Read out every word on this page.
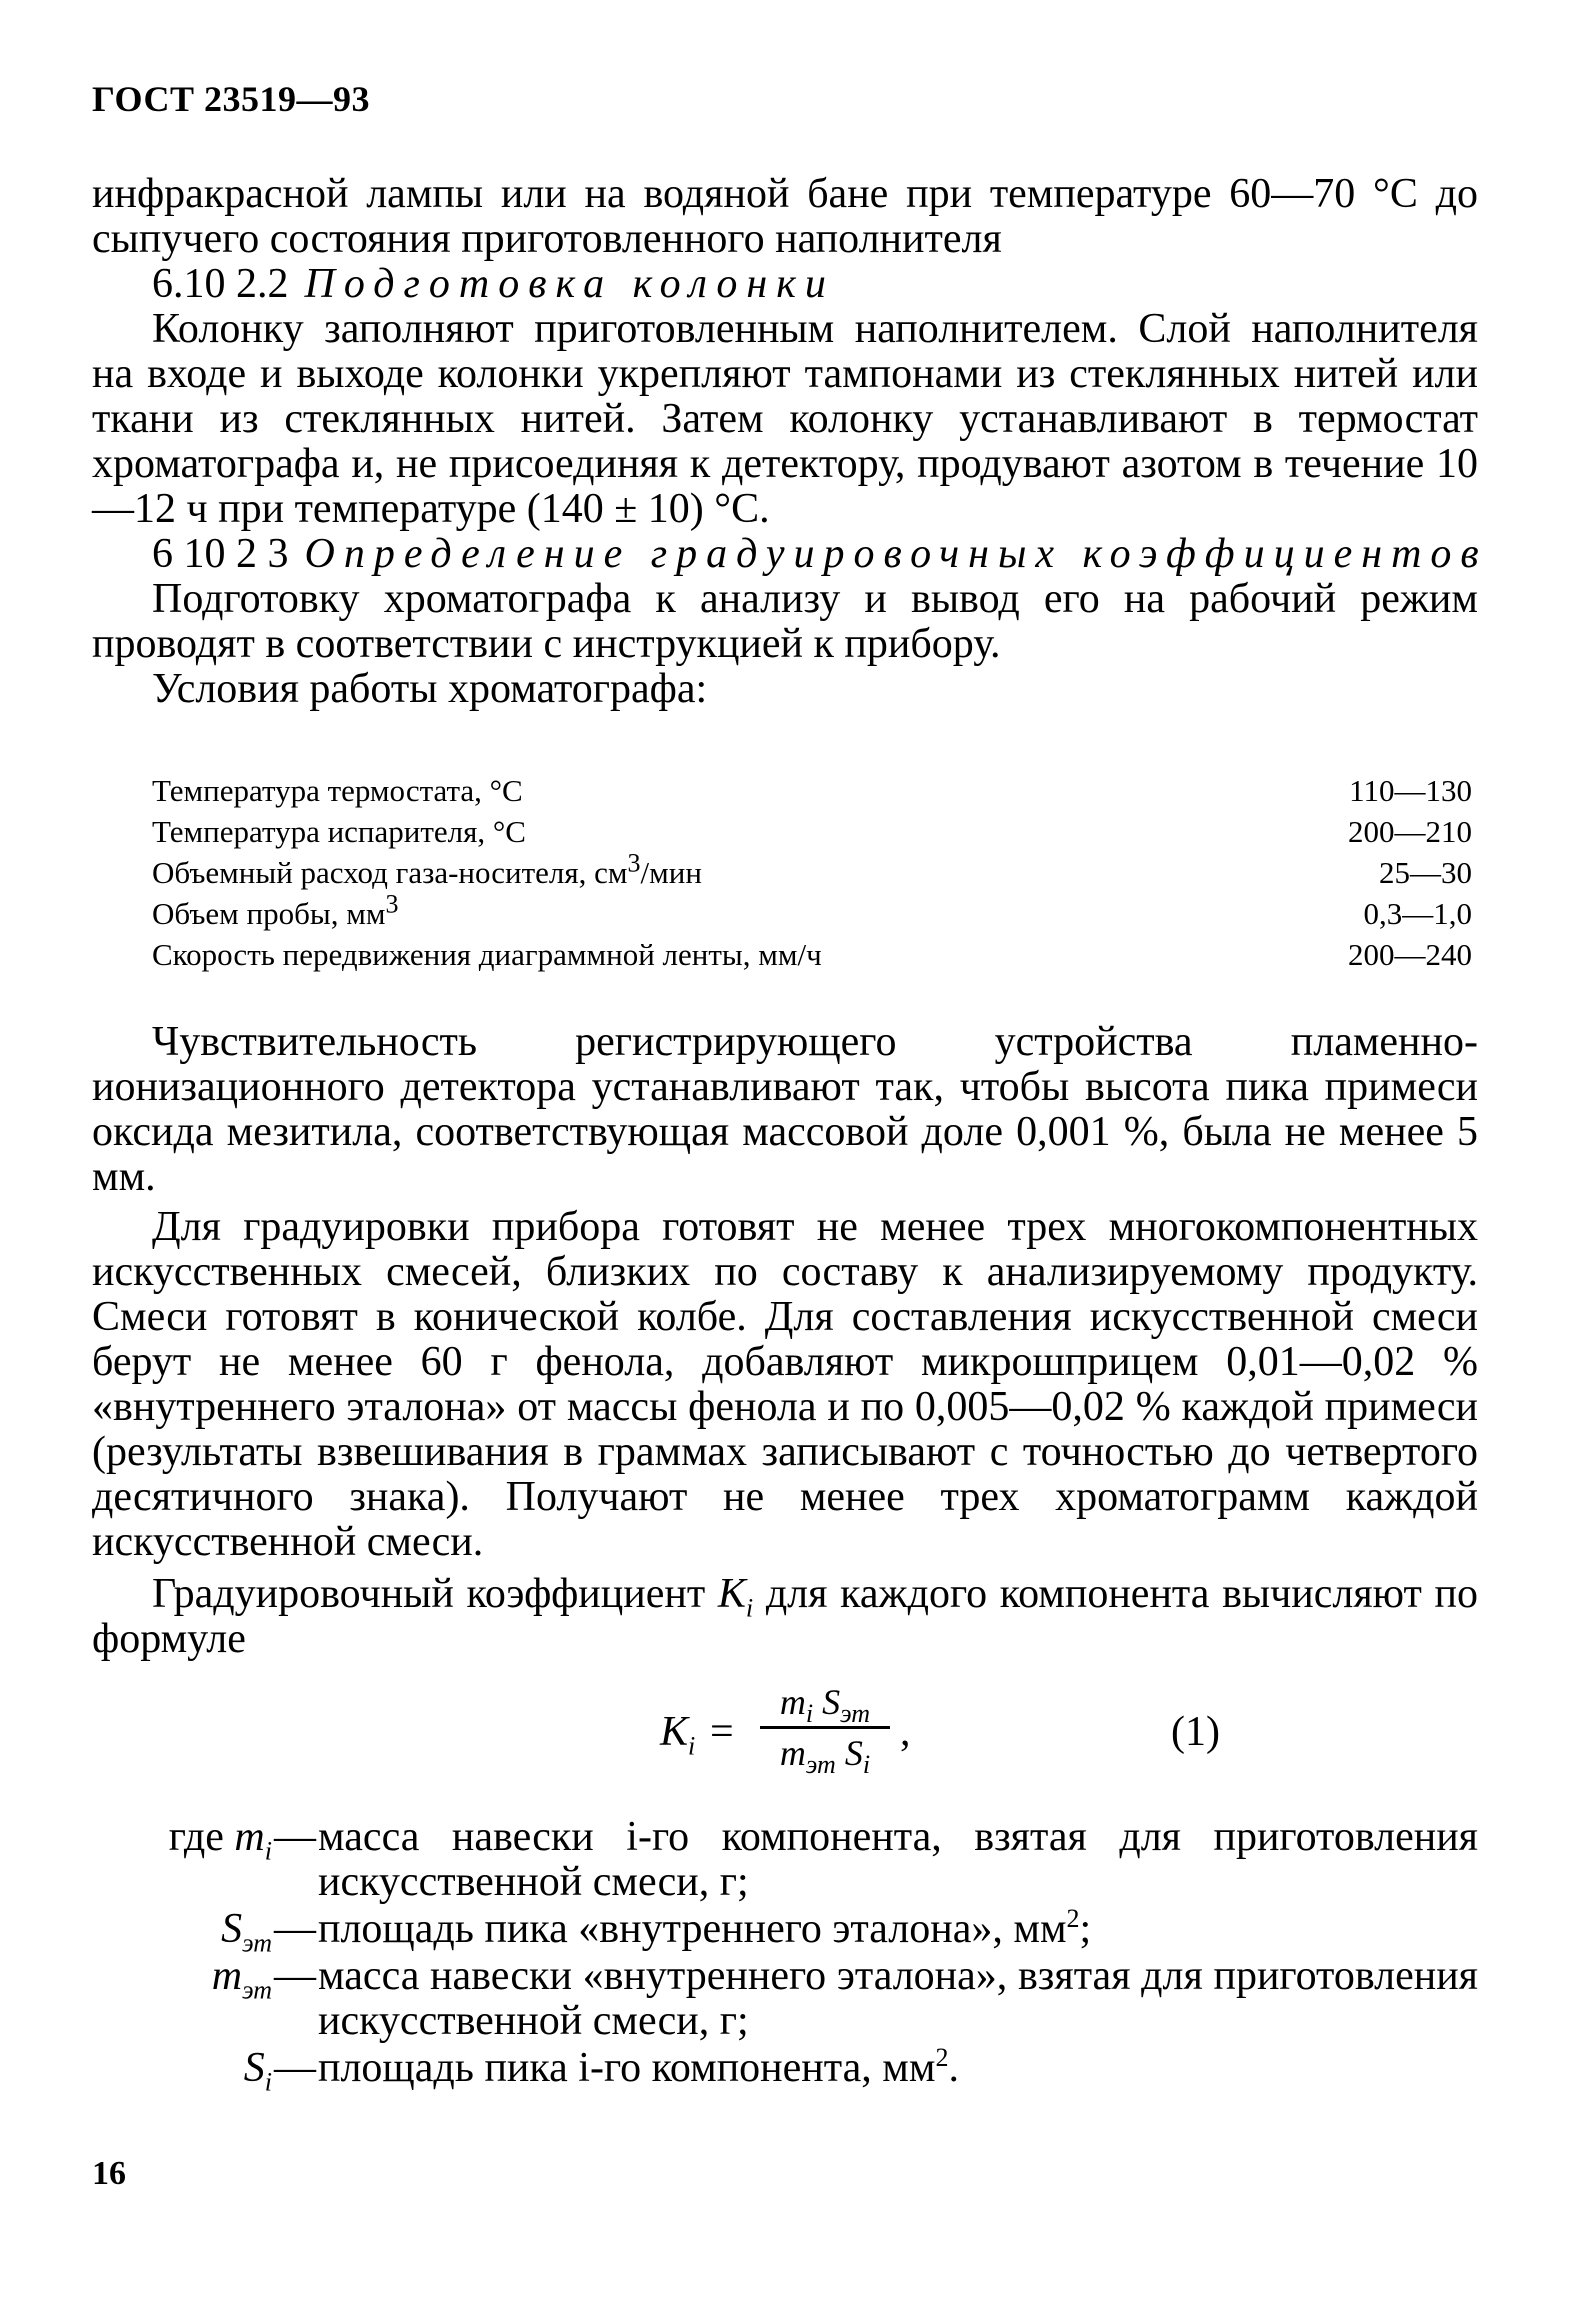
ГОСТ 23519—93
инфракрасной лампы или на водяной бане при температуре 60—70 °С до сыпучего состояния приготовленного наполнителя
6.10 2.2 Подготовка колонки
Колонку заполняют приготовленным наполнителем. Слой наполнителя на входе и выходе колонки укрепляют тампонами из стеклянных нитей или ткани из стеклянных нитей. Затем колонку устанавливают в термостат хроматографа и, не присоединяя к детектору, продувают азотом в течение 10—12 ч при температуре (140 ± 10) °С.
6 10 2 3 Определение градуировочных коэффициентов
Подготовку хроматографа к анализу и вывод его на рабочий режим проводят в соответствии с инструкцией к прибору.
Условия работы хроматографа:
Температура термостата, °С	110—130
Температура испарителя, °С	200—210
Объемный расход газа-носителя, $см^3$/мин	25—30
Объем пробы, $мм^3$	0,3—1,0
Скорость передвижения диаграммной ленты, мм/ч	200—240
Чувствительность регистрирующего устройства пламенно-ионизационного детектора устанавливают так, чтобы высота пика примеси оксида мезитила, соответствующая массовой доле 0,001 %, была не менее 5 мм.
Для градуировки прибора готовят не менее трех многокомпонентных искусственных смесей, близких по составу к анализируемому продукту. Смеси готовят в конической колбе. Для составления искусственной смеси берут не менее 60 г фенола, добавляют микрошприцем 0,01—0,02 % «внутреннего эталона» от массы фенола и по 0,005—0,02 % каждой примеси (результаты взвешивания в граммах записывают с точностью до четвертого десятичного знака). Получают не менее трех хроматограмм каждой искусственной смеси.
Градуировочный коэффициент $K_i$ для каждого компонента вычисляют по формуле
$K_i$ =
$m_i$ $S_{эт}$
$m_{эт}$ $S_i$
,	(1)
где $m_i$ — масса навески i-го компонента, взятая для приготовления искусственной смеси, г;
$S_{эт}$ — площадь пика «внутреннего эталона», $мм^2$;
$m_{эт}$ — масса навески «внутреннего эталона», взятая для приготовления искусственной смеси, г;
$S_i$ — площадь пика i-го компонента, $мм^2$.
16
